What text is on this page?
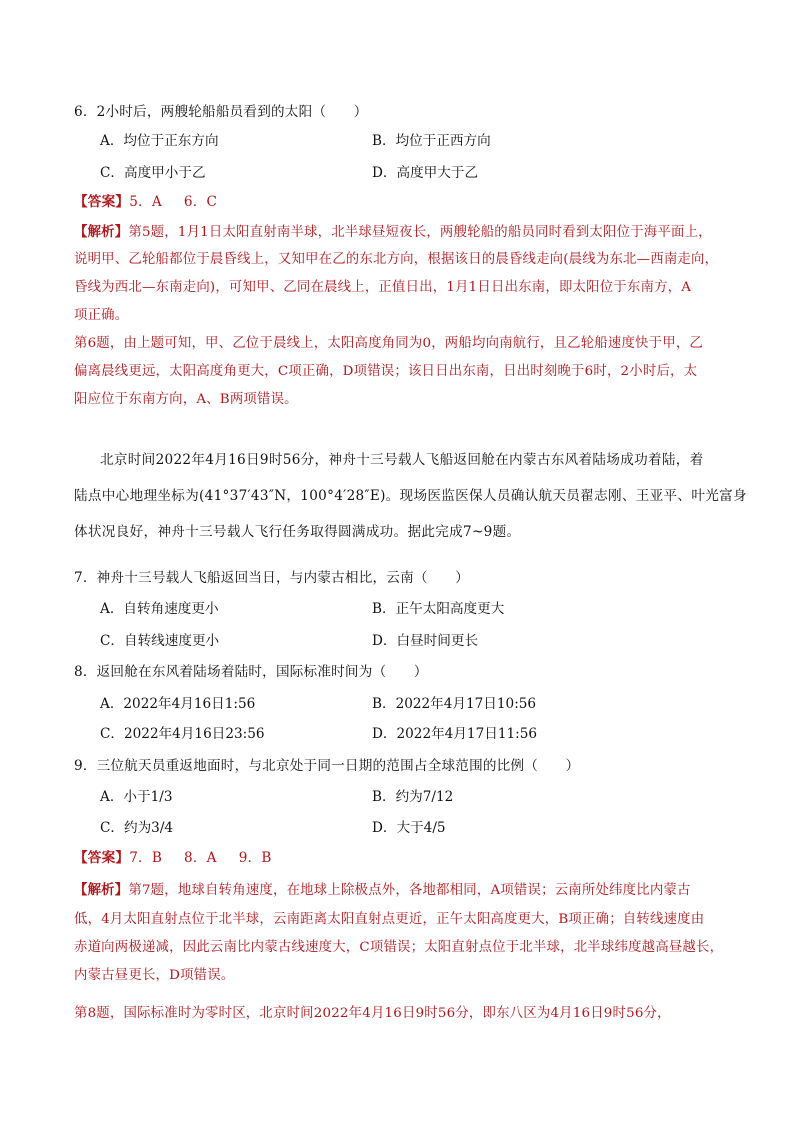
6．2小时后，两艘轮船船员看到的太阳（　　）
A．均位于正东方向	B．均位于正西方向
C．高度甲小于乙	D．高度甲大于乙
【答案】5．A 6．C
【解析】第5题，1月1日太阳直射南半球，北半球昼短夜长，两艘轮船的船员同时看到太阳位于海平面上，
说明甲、乙轮船都位于晨昏线上，又知甲在乙的东北方向，根据该日的晨昏线走向(晨线为东北—西南走向，
昏线为西北—东南走向)，可知甲、乙同在晨线上，正值日出，1月1日日出东南，即太阳位于东南方，A
项正确。
第6题，由上题可知，甲、乙位于晨线上，太阳高度角同为0，两船均向南航行，且乙轮船速度快于甲，乙
偏离晨线更远，太阳高度角更大，C项正确，D项错误；该日日出东南，日出时刻晚于6时，2小时后，太
阳应位于东南方向，A、B两项错误。
北京时间2022年4月16日9时56分，神舟十三号载人飞船返回舱在内蒙古东风着陆场成功着陆，着
陆点中心地理坐标为(41°37′43″N，100°4′28″E)。现场医监医保人员确认航天员翟志刚、王亚平、叶光富身
体状况良好，神舟十三号载人飞行任务取得圆满成功。据此完成7~9题。
7．神舟十三号载人飞船返回当日，与内蒙古相比，云南（　　）
A．自转角速度更小	B．正午太阳高度更大
C．自转线速度更小	D．白昼时间更长
8．返回舱在东风着陆场着陆时，国际标准时间为（　　）
A．2022年4月16日1:56	B．2022年4月17日10:56
C．2022年4月16日23:56	D．2022年4月17日11:56
9．三位航天员重返地面时，与北京处于同一日期的范围占全球范围的比例（　　）
A．小于1/3	B．约为7/12
C．约为3/4	D．大于4/5
【答案】7．B 8．A 9．B
【解析】第7题，地球自转角速度，在地球上除极点外，各地都相同，A项错误；云南所处纬度比内蒙古
低，4月太阳直射点位于北半球，云南距离太阳直射点更近，正午太阳高度更大，B项正确；自转线速度由
赤道向两极递减，因此云南比内蒙古线速度大，C项错误；太阳直射点位于北半球，北半球纬度越高昼越长，
内蒙古昼更长，D项错误。
第8题，国际标准时为零时区，北京时间2022年4月16日9时56分，即东八区为4月16日9时56分，
